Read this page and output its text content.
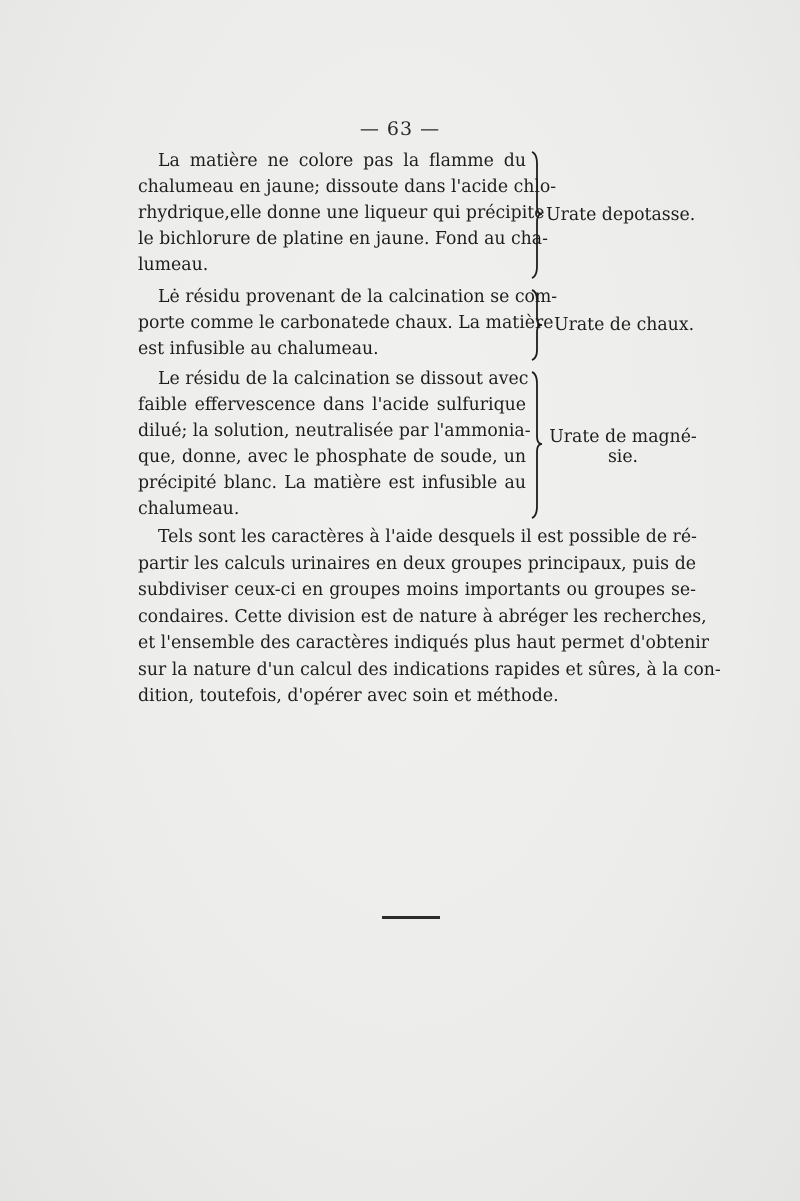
— 63 —
La matière ne colore pas la flamme du
chalumeau en jaune; dissoute dans l'acide chlo-
rhydrique,elle donne une liqueur qui précipite
le bichlorure de platine en jaune. Fond au cha-
lumeau.
Urate depotasse.
Lė résidu provenant de la calcination se com-
porte comme le carbonatede chaux. La matière
est infusible au chalumeau.
Urate de chaux.
Le résidu de la calcination se dissout avec
faible effervescence dans l'acide sulfurique
dilué; la solution, neutralisée par l'ammonia-
que, donne, avec le phosphate de soude, un
précipité blanc. La matière est infusible au
chalumeau.
Urate de magné-
sie.
Tels sont les caractères à l'aide desquels il est possible de ré-
partir les calculs urinaires en deux groupes principaux, puis de
subdiviser ceux-ci en groupes moins importants ou groupes se-
condaires. Cette division est de nature à abréger les recherches,
et l'ensemble des caractères indiqués plus haut permet d'obtenir
sur la nature d'un calcul des indications rapides et sûres, à la con-
dition, toutefois, d'opérer avec soin et méthode.
